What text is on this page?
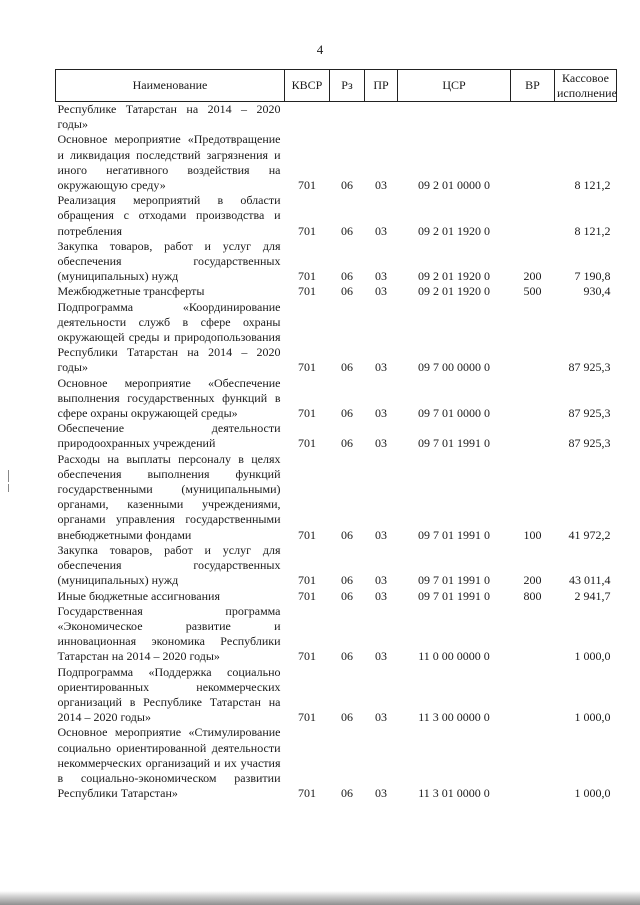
4
Наименование	КВСР	Рз	ПР	ЦСР	ВР	Кассовое исполнение
Республике Татарстан на 2014 – 2020 годы»						
Основное мероприятие «Предотвращение и ликвидация последствий загрязнения и иного негативного воздействия на окружающую среду»	701	06	03	09 2 01 0000 0		8 121,2
Реализация мероприятий в области обращения с отходами производства и потребления	701	06	03	09 2 01 1920 0		8 121,2
Закупка товаров, работ и услуг для обеспечения государственных (муниципальных) нужд	701	06	03	09 2 01 1920 0	200	7 190,8
Межбюджетные трансферты	701	06	03	09 2 01 1920 0	500	930,4
Подпрограмма «Координирование деятельности служб в сфере охраны окружающей среды и природопользования Республики Татарстан на 2014 – 2020 годы»	701	06	03	09 7 00 0000 0		87 925,3
Основное мероприятие «Обеспечение выполнения государственных функций в сфере охраны окружающей среды»	701	06	03	09 7 01 0000 0		87 925,3
Обеспечение деятельности природоохранных учреждений	701	06	03	09 7 01 1991 0		87 925,3
Расходы на выплаты персоналу в целях обеспечения выполнения функций государственными (муниципальными) органами, казенными учреждениями, органами управления государственными внебюджетными фондами	701	06	03	09 7 01 1991 0	100	41 972,2
Закупка товаров, работ и услуг для обеспечения государственных (муниципальных) нужд	701	06	03	09 7 01 1991 0	200	43 011,4
Иные бюджетные ассигнования	701	06	03	09 7 01 1991 0	800	2 941,7
Государственная программа «Экономическое развитие и инновационная экономика Республики Татарстан на 2014 – 2020 годы»	701	06	03	11 0 00 0000 0		1 000,0
Подпрограмма «Поддержка социально ориентированных некоммерческих организаций в Республике Татарстан на 2014 – 2020 годы»	701	06	03	11 3 00 0000 0		1 000,0
Основное мероприятие «Стимулирование социально ориентированной деятельности некоммерческих организаций и их участия в социально-экономическом развитии Республики Татарстан»	701	06	03	11 3 01 0000 0		1 000,0
